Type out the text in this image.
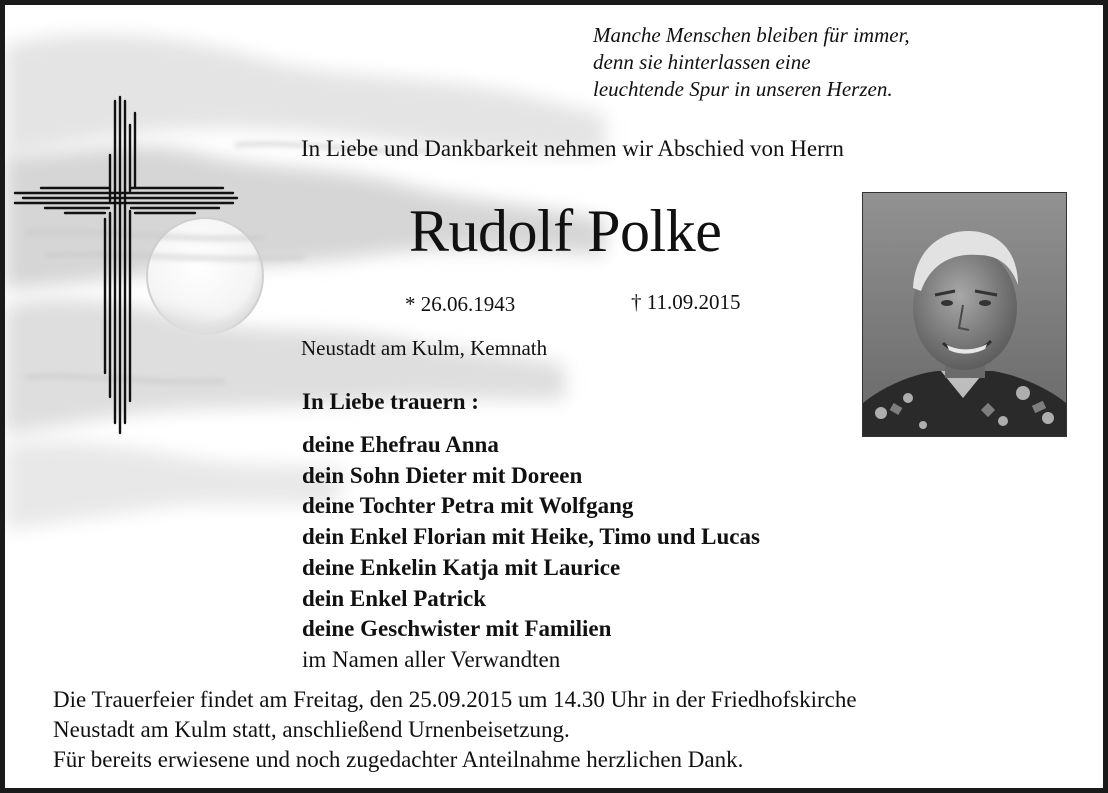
Manche Menschen bleiben für immer,
denn sie hinterlassen eine
leuchtende Spur in unseren Herzen.
In Liebe und Dankbarkeit nehmen wir Abschied von Herrn
Rudolf Polke
* 26.06.1943	† 11.09.2015
Neustadt am Kulm, Kemnath
In Liebe trauern :
deine Ehefrau Anna
dein Sohn Dieter mit Doreen
deine Tochter Petra mit Wolfgang
dein Enkel Florian mit Heike, Timo und Lucas
deine Enkelin Katja mit Laurice
dein Enkel Patrick
deine Geschwister mit Familien
im Namen aller Verwandten
Die Trauerfeier findet am Freitag, den 25.09.2015 um 14.30 Uhr in der Friedhofskirche
Neustadt am Kulm statt, anschließend Urnenbeisetzung.
Für bereits erwiesene und noch zugedachter Anteilnahme herzlichen Dank.
